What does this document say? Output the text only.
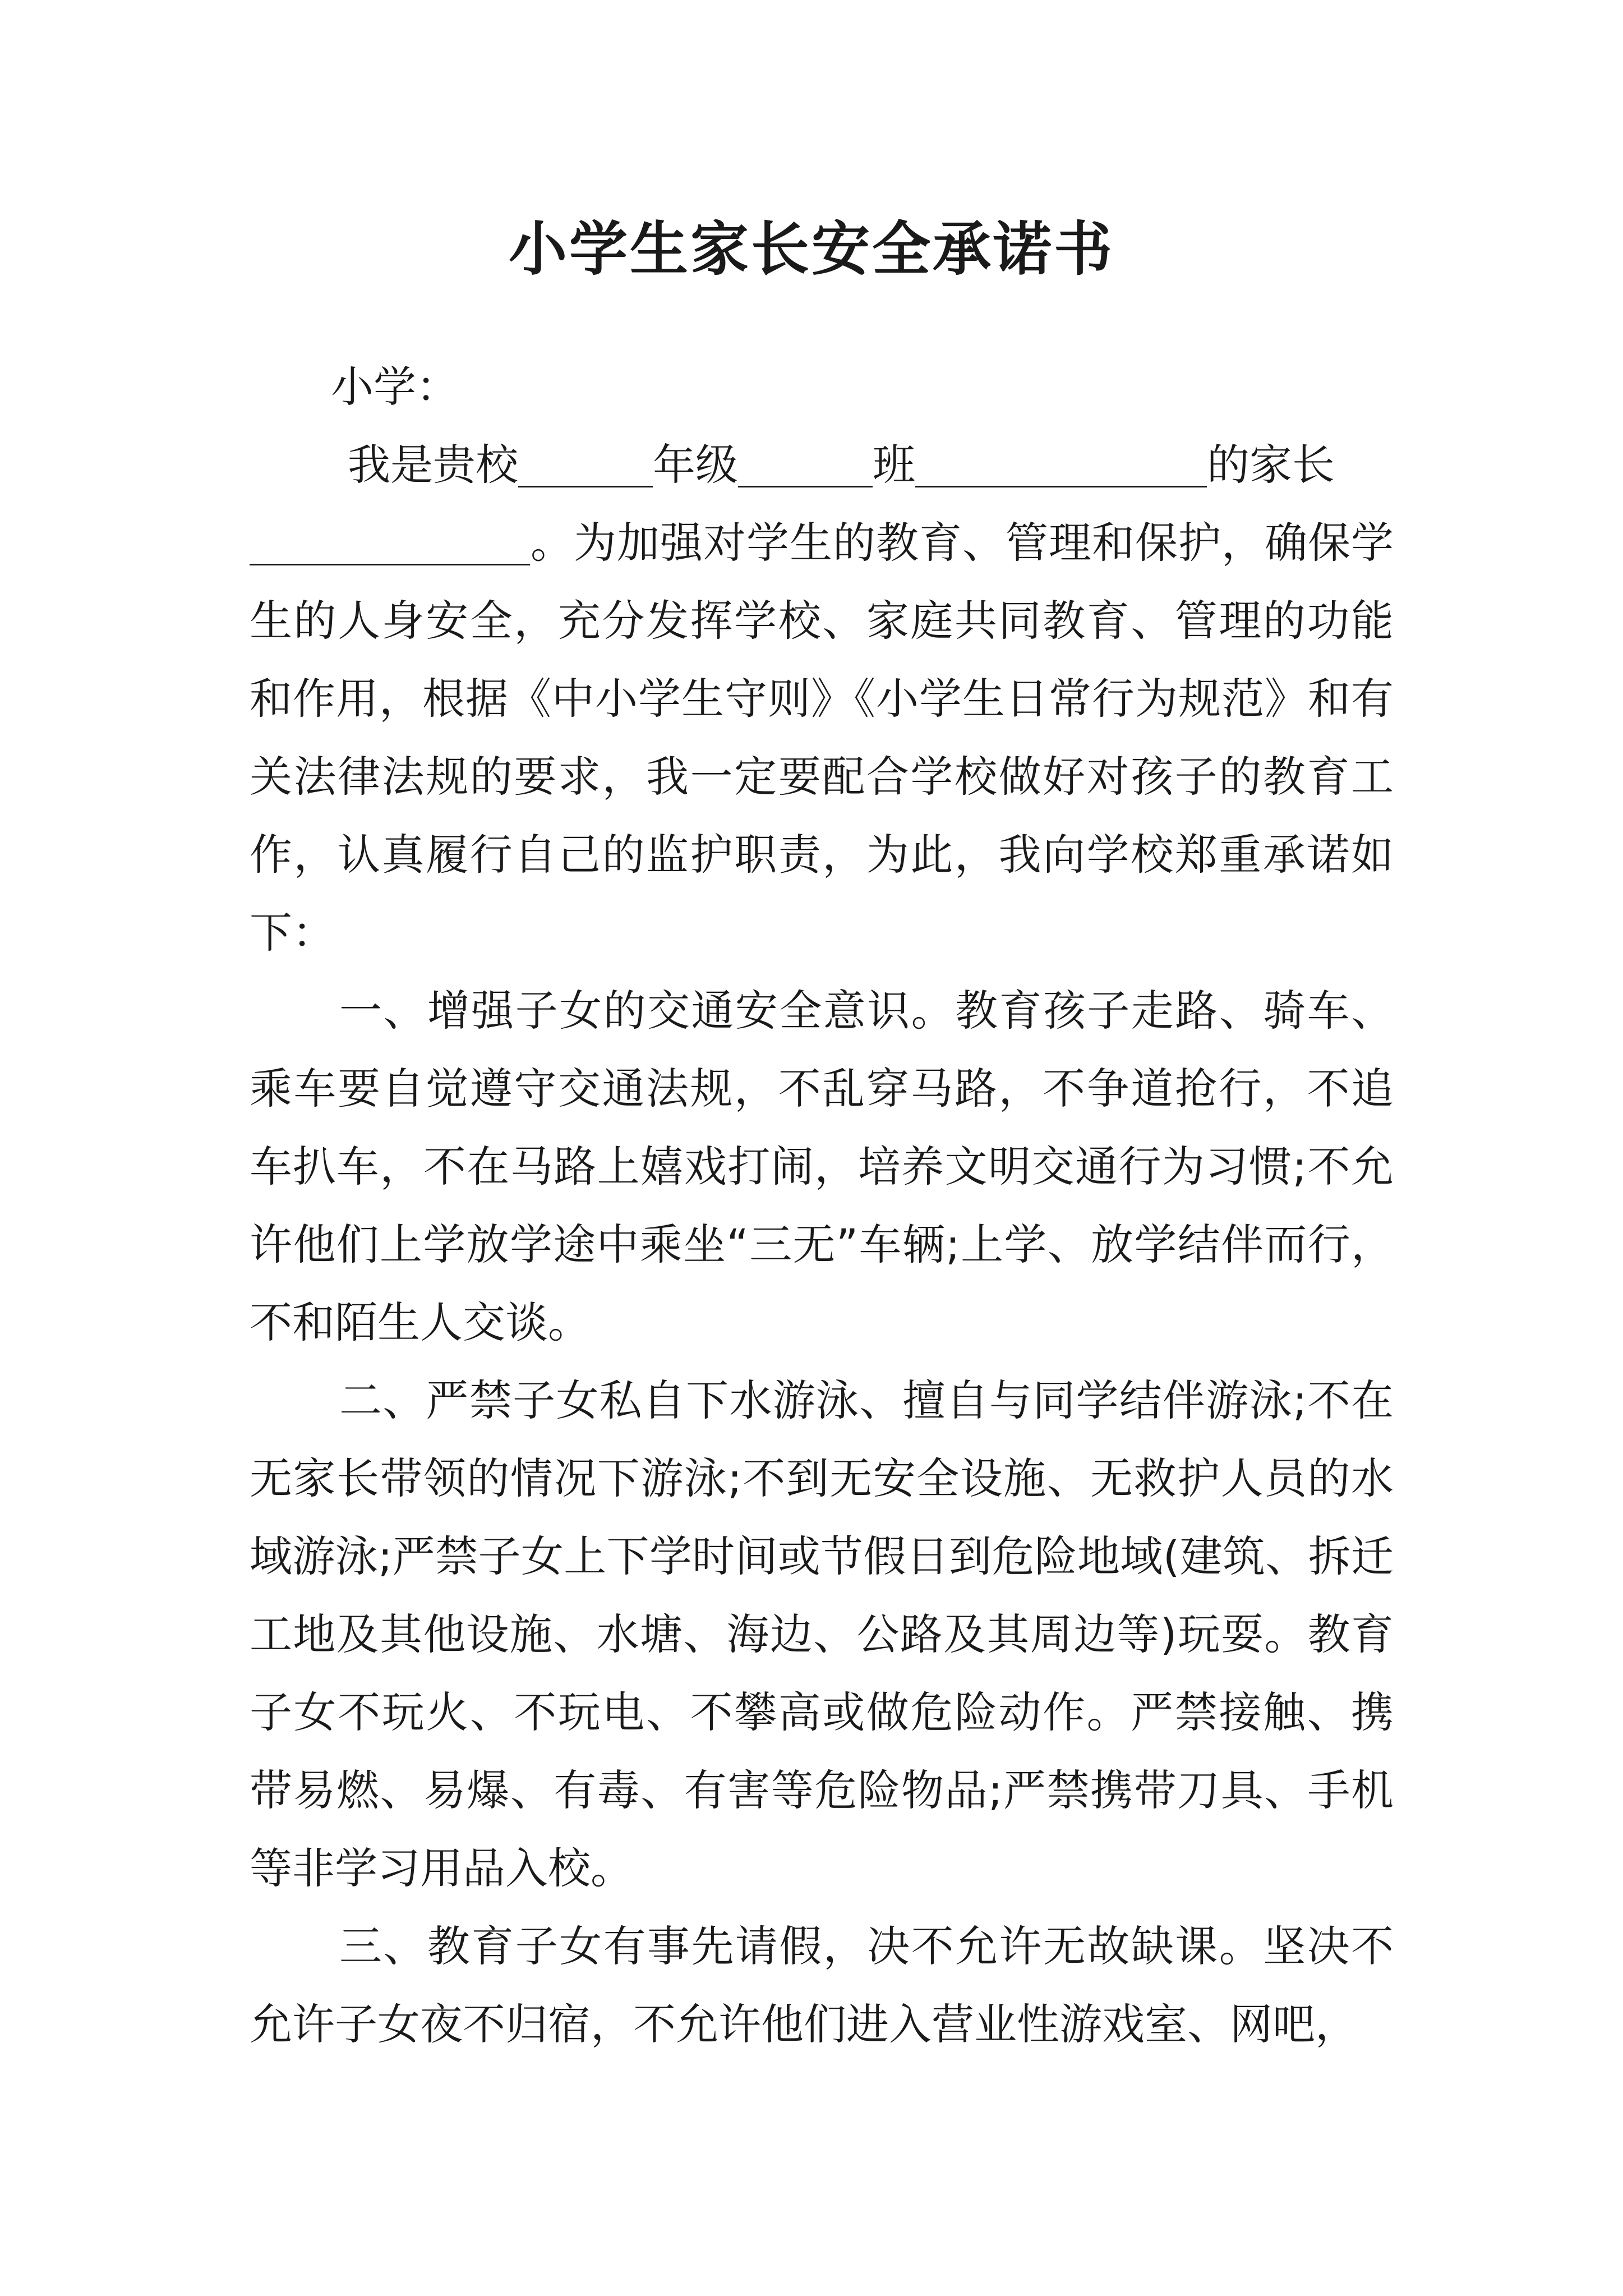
小学生家长安全承诺书

小学：

我是贵校	年级	班	的家长
。为加强对学生的教育、管理和保护，确保学生的人身安全，充分发挥学校、家庭共同教育、管理的功能和作用，根据《中小学生守则》《小学生日常行为规范》和有关法律法规的要求，我一定要配合学校做好对孩子的教育工作，认真履行自己的监护职责，为此，我向学校郑重承诺如下：

一、增强子女的交通安全意识。教育孩子走路、骑车、乘车要自觉遵守交通法规，不乱穿马路，不争道抢行，不追车扒车，不在马路上嬉戏打闹，培养文明交通行为习惯;不允许他们上学放学途中乘坐“三无”车辆;上学、放学结伴而行，不和陌生人交谈。

二、严禁子女私自下水游泳、擅自与同学结伴游泳;不在无家长带领的情况下游泳;不到无安全设施、无救护人员的水域游泳;严禁子女上下学时间或节假日到危险地域(建筑、拆迁工地及其他设施、水塘、海边、公路及其周边等)玩耍。教育子女不玩火、不玩电、不攀高或做危险动作。严禁接触、携带易燃、易爆、有毒、有害等危险物品;严禁携带刀具、手机等非学习用品入校。

三、教育子女有事先请假，决不允许无故缺课。坚决不允许子女夜不归宿，不允许他们进入营业性游戏室、网吧，
